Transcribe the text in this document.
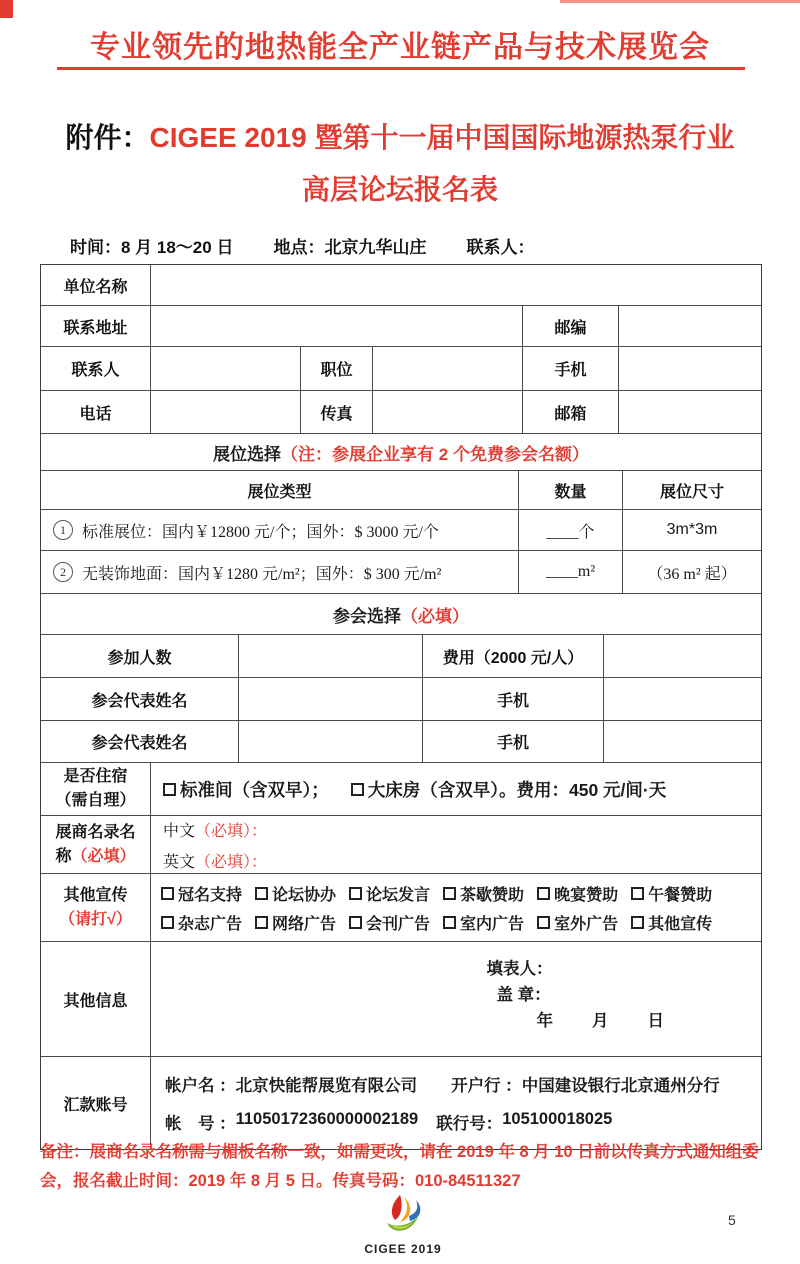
专业领先的地热能全产业链产品与技术展览会
附件：CIGEE 2019 暨第十一届中国国际地源热泵行业
高层论坛报名表
时间：8 月 18～20 日 地点：北京九华山庄 联系人：
单位名称
联系地址	邮编
联系人	职位	手机
电话	传真	邮箱
展位选择 （注：参展企业享有 2 个免费参会名额）
展位类型	数量	展位尺寸
1	标准展位：国内￥12800 元/个；国外：$ 3000 元/个	____个	3m*3m
2	无装饰地面：国内￥1280 元/m²；国外：$ 300 元/m²	____m²	（36 m² 起）
参会选择 （必填）
参加人数	费用（2000 元/人）
参会代表姓名	手机
参会代表姓名	手机
是否住宿
（需自理）
标准间（含双早）； 大床房（含双早）。费用：450 元/间·天
展商名录名
称（必填）
中文（必填）：
英文（必填）：
其他宣传
（请打√）
冠名支持 论坛协办 论坛发言 茶歇赞助 晚宴赞助 午餐赞助
杂志广告 网络广告 会刊广告 室内广告 室外广告 其他宣传
其他信息
填表人：
盖 章：
年　　月　　日
汇款账号
帐户名 ： 北京快能帮展览有限公司 开户行 ： 中国建设银行北京通州分行
帐　号 ： 11050172360000002189 联行号： 105100018025
备注：展商名录名称需与楣板名称一致，如需更改，请在 2019 年 8 月 10 日前以传真方式通知组委会，报名截止时间：2019 年 8 月 5 日。传真号码：010-84511327
CIGEE 2019
5
